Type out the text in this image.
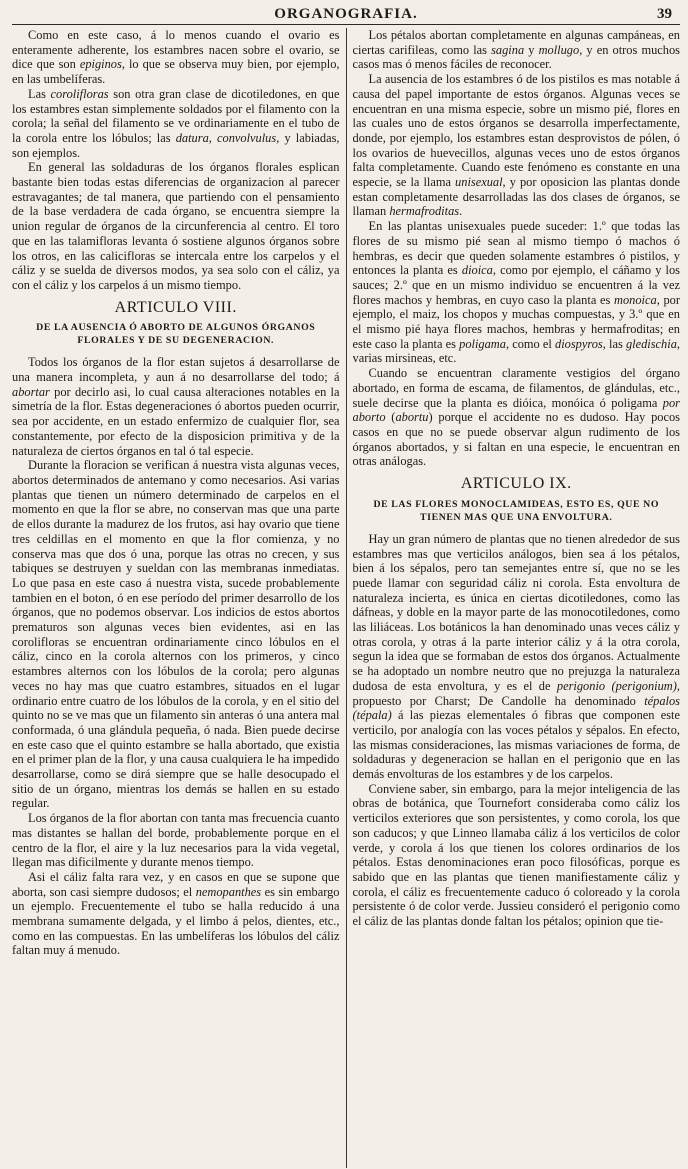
ORGANOGRAFIA.	39

Como en este caso, á lo menos cuando el ovario es enteramente adherente, los estambres nacen sobre el ovario, se dice que son epiginos, lo que se observa muy bien, por ejemplo, en las umbelíferas.

Las corolifloras son otra gran clase de dicotiledones, en que los estambres estan simplemente soldados por el filamento con la corola; la señal del filamento se ve ordinariamente en el tubo de la corola entre los lóbulos; las datura, convolvulus, y labiadas, son ejemplos.

En general las soldaduras de los órganos florales esplican bastante bien todas estas diferencias de organizacion al parecer estravagantes; de tal manera, que partiendo con el pensamiento de la base verdadera de cada órgano, se encuentra siempre la union regular de órganos de la circunferencia al centro. El toro que en las talamifloras levanta ó sostiene algunos órganos sobre los otros, en las calicifloras se intercala entre los carpelos y el cáliz y se suelda de diversos modos, ya sea solo con el cáliz, ya con el cáliz y los carpelos á un mismo tiempo.

ARTICULO VIII.
DE LA AUSENCIA Ó ABORTO DE ALGUNOS ÓRGANOS FLORALES Y DE SU DEGENERACION.

Todos los órganos de la flor estan sujetos á desarrollarse de una manera incompleta, y aun á no desarrollarse del todo; á abortar por decirlo asi, lo cual causa alteraciones notables en la simetría de la flor. Estas degeneraciones ó abortos pueden ocurrir, sea por accidente, en un estado enfermizo de cualquier flor, sea constantemente, por efecto de la disposicion primitiva y de la naturaleza de ciertos órganos en tal ó tal especie.

Durante la floracion se verifican á nuestra vista algunas veces, abortos determinados de antemano y como necesarios. Asi varias plantas que tienen un número determinado de carpelos en el momento en que la flor se abre, no conservan mas que una parte de ellos durante la madurez de los frutos, asi hay ovario que tiene tres celdillas en el momento en que la flor comienza, y no conserva mas que dos ó una, porque las otras no crecen, y sus tabiques se destruyen y sueldan con las membranas inmediatas. Lo que pasa en este caso á nuestra vista, sucede probablemente tambien en el boton, ó en ese período del primer desarrollo de los órganos, que no podemos observar. Los indicios de estos abortos prematuros son algunas veces bien evidentes, asi en las corolifloras se encuentran ordinariamente cinco lóbulos en el cáliz, cinco en la corola alternos con los primeros, y cinco estambres alternos con los lóbulos de la corola; pero algunas veces no hay mas que cuatro estambres, situados en el lugar ordinario entre cuatro de los lóbulos de la corola, y en el sitio del quinto no se ve mas que un filamento sin anteras ó una antera mal conformada, ó una glándula pequeña, ó nada. Bien puede decirse en este caso que el quinto estambre se halla abortado, que existia en el primer plan de la flor, y una causa cualquiera le ha impedido desarrollarse, como se dirá siempre que se halle desocupado el sitio de un órgano, mientras los demás se hallen en su estado regular.

Los órganos de la flor abortan con tanta mas frecuencia cuanto mas distantes se hallan del borde, probablemente porque en el centro de la flor, el aire y la luz necesarios para la vida vegetal, llegan mas dificilmente y durante menos tiempo.

Asi el cáliz falta rara vez, y en casos en que se supone que aborta, son casi siempre dudosos; el nemopanthes es sin embargo un ejemplo. Frecuentemente el tubo se halla reducido á una membrana sumamente delgada, y el limbo á pelos, dientes, etc., como en las compuestas. En las umbelíferas los lóbulos del cáliz faltan muy á menudo.

Los pétalos abortan completamente en algunas campáneas, en ciertas carifileas, como las sagina y mollugo, y en otros muchos casos mas ó menos fáciles de reconocer.

La ausencia de los estambres ó de los pistilos es mas notable á causa del papel importante de estos órganos. Algunas veces se encuentran en una misma especie, sobre un mismo pié, flores en las cuales uno de estos órganos se desarrolla imperfectamente, donde, por ejemplo, los estambres estan desprovistos de pólen, ó los ovarios de huevecillos, algunas veces uno de estos órganos falta completamente. Cuando este fenómeno es constante en una especie, se la llama unisexual, y por oposicion las plantas donde estan completamente desarrolladas las dos clases de órganos, se llaman hermafroditas.

En las plantas unisexuales puede suceder: 1.º que todas las flores de su mismo pié sean al mismo tiempo ó machos ó hembras, es decir que queden solamente estambres ó pistilos, y entonces la planta es dioica, como por ejemplo, el cáñamo y los sauces; 2.º que en un mismo individuo se encuentren á la vez flores machos y hembras, en cuyo caso la planta es monoica, por ejemplo, el maiz, los chopos y muchas compuestas, y 3.º que en el mismo pié haya flores machos, hembras y hermafroditas; en este caso la planta es poligama, como el diospyros, las gledischia, varias mirsineas, etc.

Cuando se encuentran claramente vestigios del órgano abortado, en forma de escama, de filamentos, de glándulas, etc., suele decirse que la planta es dióica, monóica ó poligama por aborto (abortu) porque el accidente no es dudoso. Hay pocos casos en que no se puede observar algun rudimento de los órganos abortados, y si faltan en una especie, le encuentran en otras análogas.

ARTICULO IX.
DE LAS FLORES MONOCLAMIDEAS, ESTO ES, QUE NO TIENEN MAS QUE UNA ENVOLTURA.

Hay un gran número de plantas que no tienen alrededor de sus estambres mas que verticilos análogos, bien sea á los pétalos, bien á los sépalos, pero tan semejantes entre sí, que no se les puede llamar con seguridad cáliz ni corola. Esta envoltura de naturaleza incierta, es única en ciertas dicotiledones, como las dáfneas, y doble en la mayor parte de las monocotiledones, como las liliáceas. Los botánicos la han denominado unas veces cáliz y otras corola, y otras á la parte interior cáliz y á la otra corola, segun la idea que se formaban de estos dos órganos. Actualmente se ha adoptado un nombre neutro que no prejuzga la naturaleza dudosa de esta envoltura, y es el de perigonio (perigonium), propuesto por Charst; De Candolle ha denominado tépalos (tépala) á las piezas elementales ó fibras que componen este verticilo, por analogía con las voces pétalos y sépalos. En efecto, las mismas consideraciones, las mismas variaciones de forma, de soldaduras y degeneracion se hallan en el perigonio que en las demás envolturas de los estambres y de los carpelos.

Conviene saber, sin embargo, para la mejor inteligencia de las obras de botánica, que Tournefort consideraba como cáliz los verticilos exteriores que son persistentes, y como corola, los que son caducos; y que Linneo llamaba cáliz á los verticilos de color verde, y corola á los que tienen los colores ordinarios de los pétalos. Estas denominaciones eran poco filosóficas, porque es sabido que en las plantas que tienen manifiestamente cáliz y corola, el cáliz es frecuentemente caduco ó coloreado y la corola persistente ó de color verde. Jussieu consideró el perigonio como el cáliz de las plantas donde faltan los pétalos; opinion que tie-
